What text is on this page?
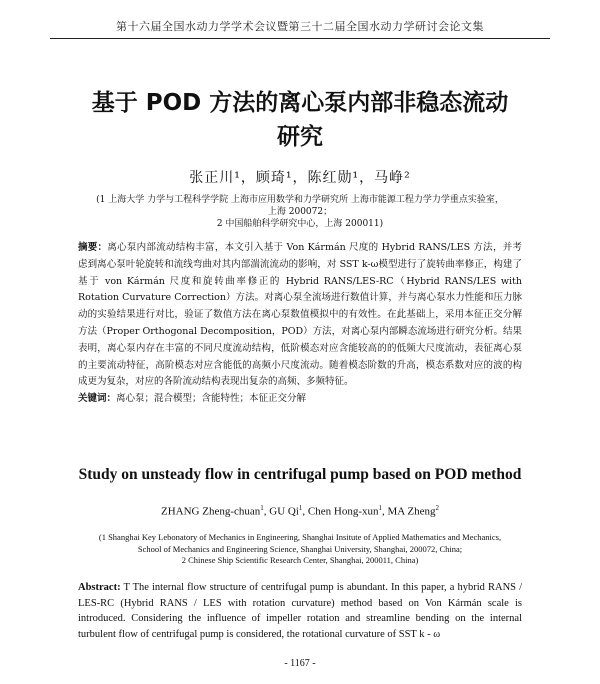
第十六届全国水动力学学术会议暨第三十二届全国水动力学研讨会论文集
基于 POD 方法的离心泵内部非稳态流动
研究
张正川¹，顾琦¹，陈红勋¹，马峥²
(1 上海大学 力学与工程科学学院 上海市应用数学和力学研究所 上海市能源工程力学力学重点实验室，
上海 200072；
2 中国船舶科学研究中心，上海 200011)

摘要：离心泵内部流动结构丰富，本文引入基于 Von Kármán 尺度的 Hybrid RANS/LES 方法，并考虑到离心泵叶轮旋转和流线弯曲对其内部湍流流动的影响，对 SST k-ω模型进行了旋转曲率修正，构建了基于 von Kármán 尺度和旋转曲率修正的 Hybrid RANS/LES-RC（Hybrid RANS/LES with Rotation Curvature Correction）方法。对离心泵全流场进行数值计算，并与离心泵水力性能和压力脉动的实验结果进行对比，验证了数值方法在离心泵数值模拟中的有效性。在此基础上，采用本征正交分解方法（Proper Orthogonal Decomposition，POD）方法，对离心泵内部瞬态流场进行研究分析。结果表明，离心泵内存在丰富的不同尺度流动结构，低阶模态对应含能较高的的低频大尺度流动，表征离心泵的主要流动特征，高阶模态对应含能低的高频小尺度流动。随着模态阶数的升高，模态系数对应的波的构成更为复杂，对应的各阶流动结构表现出复杂的高频、多频特征。

关键词：离心泵；混合模型；含能特性；本征正交分解

Study on unsteady flow in centrifugal pump based on POD method
ZHANG Zheng-chuan$^1$, GU Qi$^1$, Chen Hong-xun$^1$, MA Zheng$^2$
(1 Shanghai Key Lebonatory of Mechanics in Engineering, Shanghai Insitute of Applied Mathematics and Mechanics,
School of Mechanics and Engineering Science, Shanghai University, Shanghai, 200072, China;
2 Chinese Ship Scientific Research Center, Shanghai, 200011, China)

Abstract: T The internal flow structure of centrifugal pump is abundant. In this paper, a hybrid RANS / LES-RC (Hybrid RANS / LES with rotation curvature) method based on Von Kármán scale is introduced. Considering the influence of impeller rotation and streamline bending on the internal turbulent flow of centrifugal pump is considered, the rotational curvature of SST k - ω

- 1167 -
